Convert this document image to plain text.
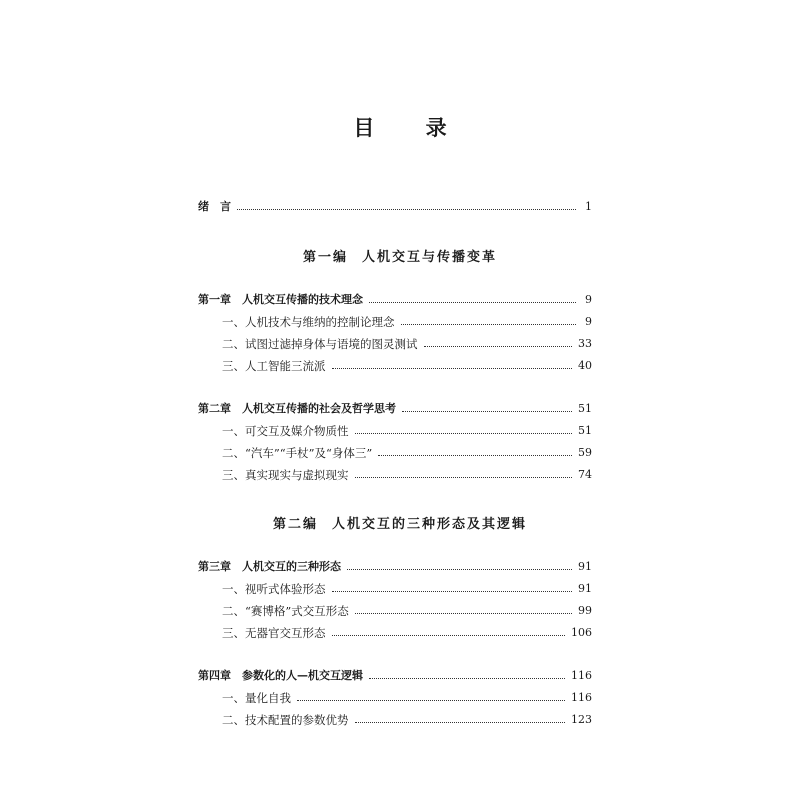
目 录
绪　言	1
第一编 人机交互与传播变革
第一章　人机交互传播的技术理念	9
一、人机技术与维纳的控制论理念	9
二、试图过滤掉身体与语境的图灵测试	33
三、人工智能三流派	40
第二章　人机交互传播的社会及哲学思考	51
一、可交互及媒介物质性	51
二、“汽车”“手杖”及“身体三”	59
三、真实现实与虚拟现实	74
第二编 人机交互的三种形态及其逻辑
第三章　人机交互的三种形态	91
一、视听式体验形态	91
二、“赛博格”式交互形态	99
三、无器官交互形态	106
第四章　参数化的人—机交互逻辑	116
一、量化自我	116
二、技术配置的参数优势	123
